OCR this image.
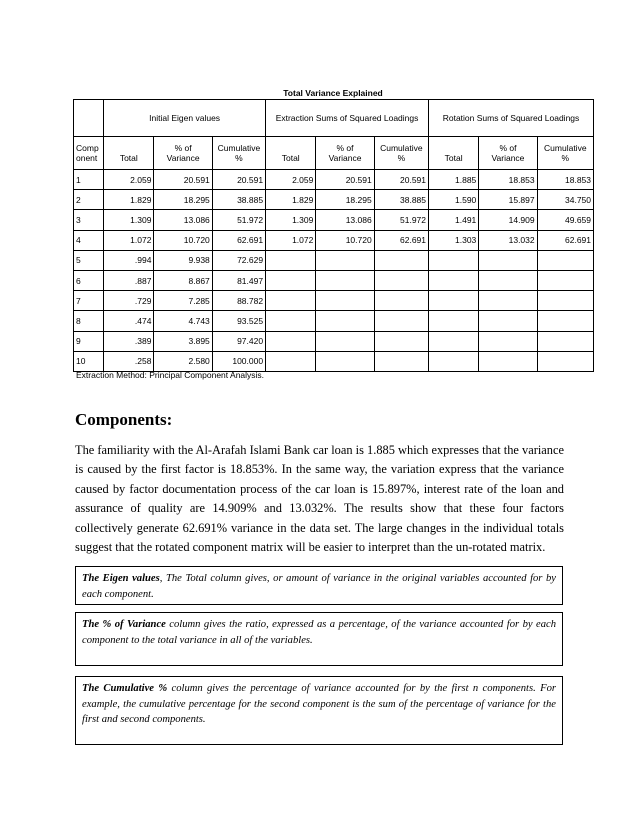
Total Variance Explained
	Initial Eigen values			Extraction Sums of Squared Loadings			Rotation Sums of Squared Loadings		
Comp		% of	Cumulative		% of	Cumulative		% of	Cumulative
onent	Total	Variance	%	Total	Variance	%	Total	Variance	%
1	2.059	20.591	20.591	2.059	20.591	20.591	1.885	18.853	18.853
2	1.829	18.295	38.885	1.829	18.295	38.885	1.590	15.897	34.750
3	1.309	13.086	51.972	1.309	13.086	51.972	1.491	14.909	49.659
4	1.072	10.720	62.691	1.072	10.720	62.691	1.303	13.032	62.691
5	.994	9.938	72.629						
6	.887	8.867	81.497						
7	.729	7.285	88.782						
8	.474	4.743	93.525						
9	.389	3.895	97.420						
10	.258	2.580	100.000						
Extraction Method: Principal Component Analysis.
Components:

The familiarity with the Al-Arafah Islami Bank car loan is 1.885 which expresses that the variance is caused by the first factor is 18.853%. In the same way, the variation express that the variance caused by factor documentation process of the car loan is 15.897%, interest rate of the loan and assurance of quality are 14.909% and 13.032%. The results show that these four factors collectively generate 62.691% variance in the data set. The large changes in the individual totals suggest that the rotated component matrix will be easier to interpret than the un-rotated matrix.

The Eigen values, The Total column gives, or amount of variance in the original variables accounted for by each component.
The % of Variance column gives the ratio, expressed as a percentage, of the variance accounted for by each component to the total variance in all of the variables.
The Cumulative % column gives the percentage of variance accounted for by the first n components. For example, the cumulative percentage for the second component is the sum of the percentage of variance for the first and second components.
